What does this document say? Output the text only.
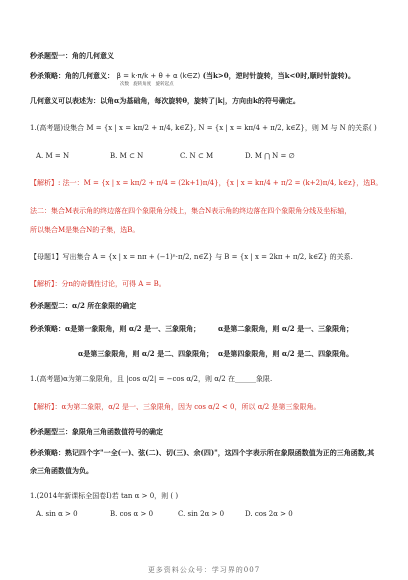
秒杀题型一：角的几何意义
秒杀策略：角的几何意义： β = k·π/k + θ + α (k∈Z) (当k>0，逆时针旋转，当k<0时,顺时针旋转)。
次数 旋转角度 旋转起点
几何意义可以表述为：以角α为基础角，每次旋转θ，旋转了|k|，方向由k的符号确定。
1.(高考题)设集合 M = {x | x = kπ/2 + π/4, k∈Z}, N = {x | x = kπ/4 + π/2, k∈Z}，则 M 与 N 的关系( )
A. M = N	B. M ⊂ N	C. N ⊂ M	D. M ⋂ N = ∅
【解析】: 法一：M = {x | x = kπ/2 + π/4 = (2k+1)π/4}，{x | x = kπ/4 + π/2 = (k+2)π/4, k∈z}，选B。
法二：集合M表示角的终边落在四个象限角分线上，集合N表示角的终边落在四个象限角分线及坐标轴，
所以集合M是集合N的子集，选B。
【母题1】写出集合 A = {x | x = nπ + (−1)ⁿ·π/2, n∈Z} 与 B = {x | x = 2kπ + π/2, k∈Z} 的关系.
【解析】：分n的奇偶性讨论，可得 A = B。
秒杀题型二：α/2 所在象限的确定
秒杀策略：α是第一象限角，则 α/2 是一、三象限角；	α是第二象限角，则 α/2 是一、三象限角；
α是第三象限角，则 α/2 是二、四象限角； α是第四象限角，则 α/2 是二、四象限角。
1.(高考题)α为第二象限角，且 |cos α/2| = −cos α/2，则 α/2 在______象限.
【解析】：α为第二象限，α/2 是一、三象限角，因为 cos α/2 < 0，所以 α/2 是第三象限角。
秒杀题型三：象限角三角函数值符号的确定
秒杀策略：熟记四个字"一全(一)、弦(二)、切(三)、余(四)"，这四个字表示所在象限函数值为正的三角函数,其
余三角函数值为负。
1.(2014年新课标全国卷Ⅰ)若 tan α > 0，则 ( )
A. sin α > 0	B. cos α > 0	C. sin 2α > 0	D. cos 2α > 0
更多资料公众号：学习界的007
